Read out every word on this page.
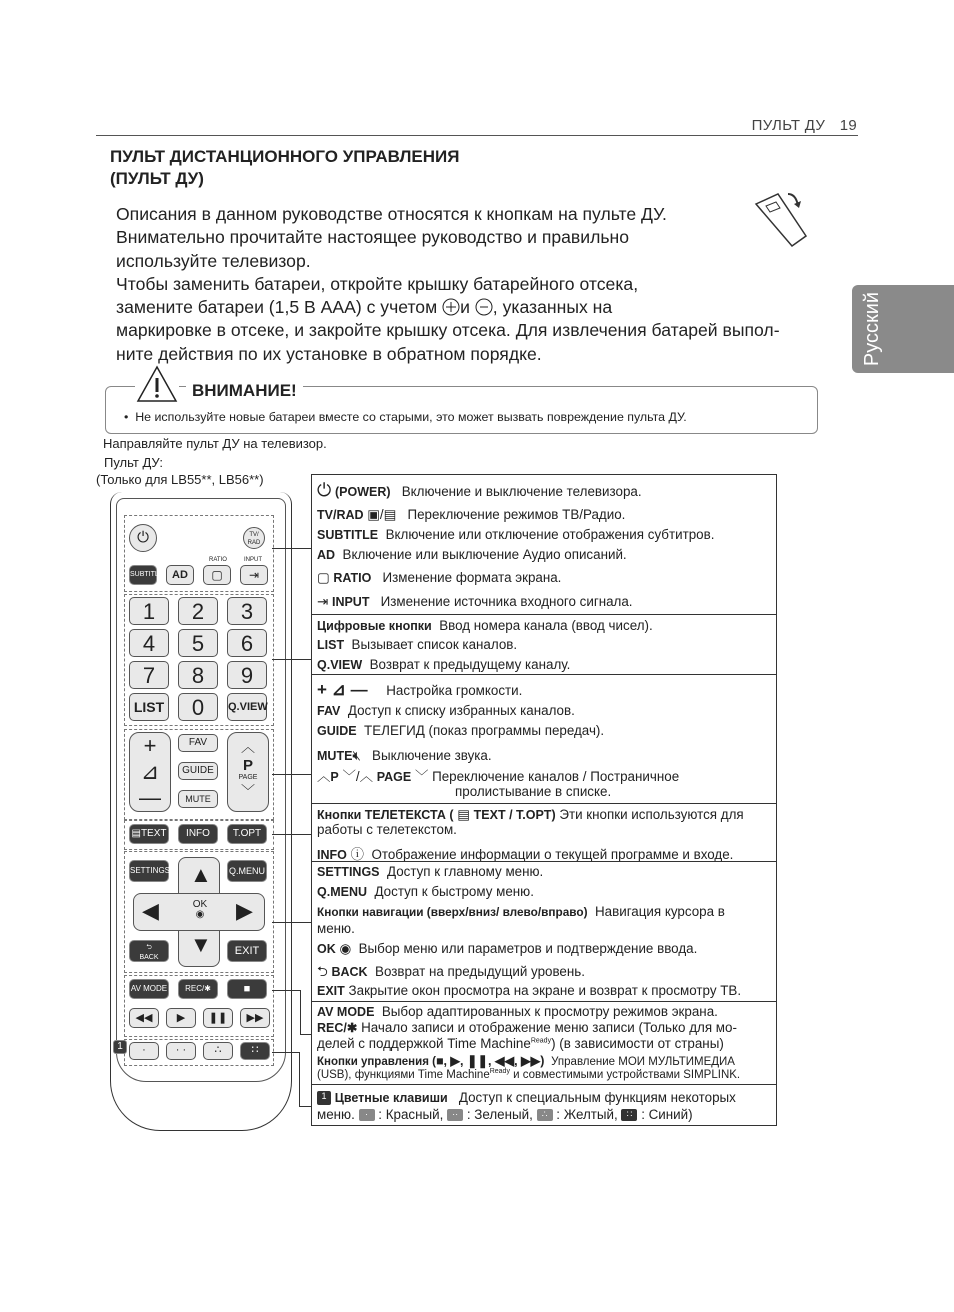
ПУЛЬТ ДУ 19
ПУЛЬТ ДИСТАНЦИОННОГО УПРАВЛЕНИЯ
(ПУЛЬТ ДУ)
Описания в данном руководстве относятся к кнопкам на пульте ДУ.
Внимательно прочитайте настоящее руководство и правильно
используйте телевизор.
Чтобы заменить батареи, откройте крышку батарейного отсека,
замените батареи (1,5 В AAA) с учетом и , указанных на
маркировке в отсеке, и закройте крышку отсека. Для извлечения батарей выпол-
ните действия по их установке в обратном порядке.	Русский
ВНИМАНИЕ!
•  Не используйте новые батареи вместе со старыми, это может вызвать повреждение пульта ДУ.
Направляйте пульт ДУ на телевизор.
Пульт ДУ:
(Только для LB55**, LB56**)
⏻	TV/ RAD
RATIO	INPUT
SUBTITLE AD	▢	⇥
1	2	3
4	5	6
7	8	9
LIST	0	Q.VIEW
+
⊿
—
FAV
GUIDE
MUTE
︿
P
PAGE
﹀
▤TEXT	INFO	T.OPT
SETTINGS	Q.MENU
▲
▼
◀	▶
OK
◉
⮌
BACK
EXIT
AV MODE	REC/✱	■
◀◀	▶	❚❚	▶▶
1	·	· ·	∴	∷
⏻ (POWER) Включение и выключение телевизора.
TV/RAD ▣/▤ Переключение режимов ТВ/Радио.
SUBTITLE Включение или отключение отображения субтитров.
AD Включение или выключение Аудио описаний.
▢ RATIO Изменение формата экрана.
⇥ INPUT Изменение источника входного сигнала.
Цифровые кнопки Ввод номера канала (ввод чисел).
LIST Вызывает список каналов.
Q.VIEW Возврат к предыдущему каналу.
+ ⊿ — Настройка громкости.
FAV Доступ к списку избранных каналов.
GUIDE ТЕЛЕГИД (показ программы передач).
MUTE🔇︎ Выключение звука.
︿P ﹀/︿ PAGE ﹀ Переключение каналов / Постраничное
пролистывание в списке.
Кнопки ТЕЛЕТЕКСТА ( ▤ TEXT / T.OPT) Эти кнопки используются для
работы с телетекстом.
INFO ⓘ Отображение информации о текущей программе и входе.
SETTINGS Доступ к главному меню.
Q.MENU Доступ к быстрому меню.
Кнопки навигации (вверх/вниз/ влево/вправо) Навигация курсора в
меню.
OK ◉ Выбор меню или параметров и подтверждение ввода.
⮌ BACK Возврат на предыдущий уровень.
EXIT Закрытие окон просмотра на экране и возврат к просмотру ТВ.
AV MODE Выбор адаптированных к просмотру режимов экрана.
REC/✱ Начало записи и отображение меню записи (Только для мо-
делей с поддержкой Time Machine$^{Ready}$) (в зависимости от страны)
Кнопки управления (■, ▶, ❚❚, ◀◀, ▶▶) Управление МОИ МУЛЬТИМЕДИА
(USB), функциями Time Machine$^{Ready}$ и совместимыми устройствами SIMPLINK.
1 Цветные клавиши Доступ к специальным функциям некоторых
меню. · : Красный, ·· : Зеленый, ∴ : Желтый, ∷ : Синий)
